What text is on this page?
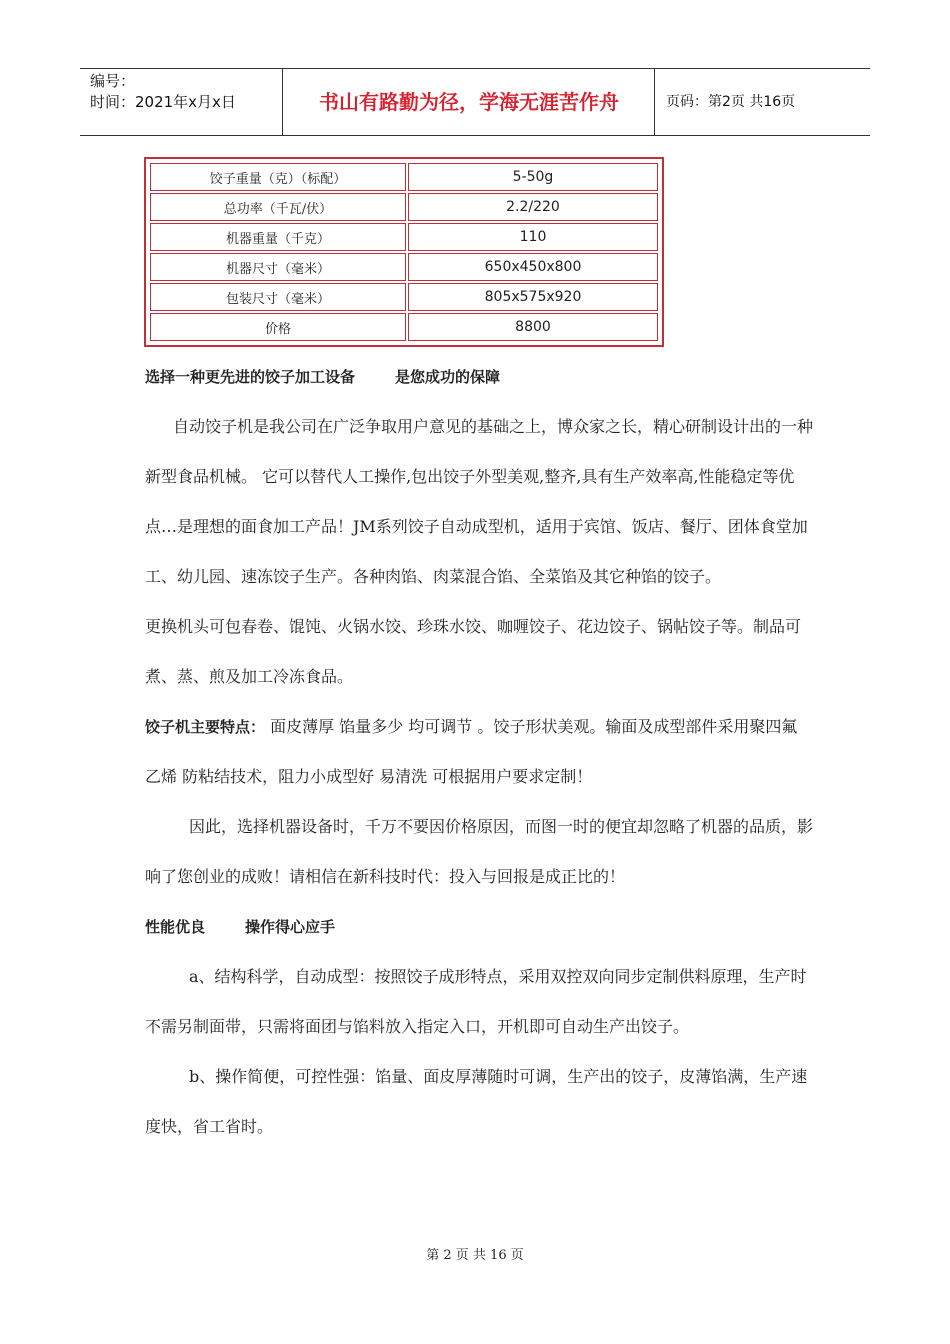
编号：
时间：2021年x月x日	书山有路勤为径，学海无涯苦作舟	页码：第2页 共16页
饺子重量（克）（标配）	5-50g
总功率（千瓦/伏）	2.2/220
机器重量（千克）	110
机器尺寸（毫米）	650x450x800
包装尺寸（毫米）	805x575x920
价格	8800

选择一种更先进的饺子加工设备	是您成功的保障

自动饺子机是我公司在广泛争取用户意见的基础之上，博众家之长，精心研制设计出的一种新型食品机械。 它可以替代人工操作,包出饺子外型美观,整齐,具有生产效率高,性能稳定等优点…是理想的面食加工产品！JM系列饺子自动成型机，适用于宾馆、饭店、餐厅、团体食堂加工、幼儿园、速冻饺子生产。各种肉馅、肉菜混合馅、全菜馅及其它种馅的饺子。

更换机头可包春卷、馄饨、火锅水饺、珍珠水饺、咖喱饺子、花边饺子、锅帖饺子等。制品可煮、蒸、煎及加工冷冻食品。

饺子机主要特点： 面皮薄厚 馅量多少 均可调节 。饺子形状美观。输面及成型部件采用聚四氟乙烯 防粘结技术，阻力小成型好 易清洗 可根据用户要求定制！

因此，选择机器设备时，千万不要因价格原因，而图一时的便宜却忽略了机器的品质，影响了您创业的成败！请相信在新科技时代：投入与回报是成正比的！

性能优良	操作得心应手

a、结构科学，自动成型：按照饺子成形特点，采用双控双向同步定制供料原理，生产时不需另制面带，只需将面团与馅料放入指定入口，开机即可自动生产出饺子。

b、操作简便，可控性强：馅量、面皮厚薄随时可调，生产出的饺子，皮薄馅满，生产速度快，省工省时。

第 2 页 共 16 页
